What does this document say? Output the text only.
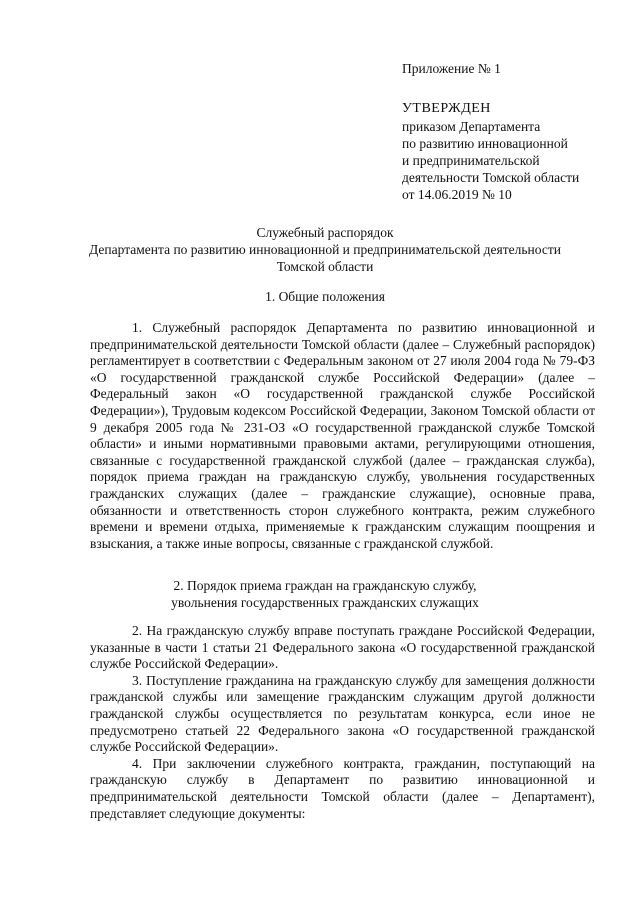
Приложение № 1
УТВЕРЖДЕН
приказом Департамента
по развитию инновационной
и предпринимательской
деятельности Томской области
от 14.06.2019 № 10
Служебный распорядок
Департамента по развитию инновационной и предпринимательской деятельности
Томской области
1. Общие положения

1. Служебный распорядок Департамента по развитию инновационной и предпринимательской деятельности Томской области (далее – Служебный распорядок) регламентирует в соответствии с Федеральным законом от 27 июля 2004 года № 79-ФЗ «О государственной гражданской службе Российской Федерации» (далее – Федеральный закон «О государственной гражданской службе Российской Федерации»), Трудовым кодексом Российской Федерации, Законом Томской области от 9 декабря 2005 года № 231-ОЗ «О государственной гражданской службе Томской области» и иными нормативными правовыми актами, регулирующими отношения, связанные с государственной гражданской службой (далее – гражданская служба), порядок приема граждан на гражданскую службу, увольнения государственных гражданских служащих (далее – гражданские служащие), основные права, обязанности и ответственность сторон служебного контракта, режим служебного времени и времени отдыха, применяемые к гражданским служащим поощрения и взыскания, а также иные вопросы, связанные с гражданской службой.

2. Порядок приема граждан на гражданскую службу,
увольнения государственных гражданских служащих

2. На гражданскую службу вправе поступать граждане Российской Федерации, указанные в части 1 статьи 21 Федерального закона «О государственной гражданской службе Российской Федерации».

3. Поступление гражданина на гражданскую службу для замещения должности гражданской службы или замещение гражданским служащим другой должности гражданской службы осуществляется по результатам конкурса, если иное не предусмотрено статьей 22 Федерального закона «О государственной гражданской службе Российской Федерации».

4. При заключении служебного контракта, гражданин, поступающий на гражданскую службу в Департамент по развитию инновационной и предпринимательской деятельности Томской области (далее – Департамент), представляет следующие документы:
